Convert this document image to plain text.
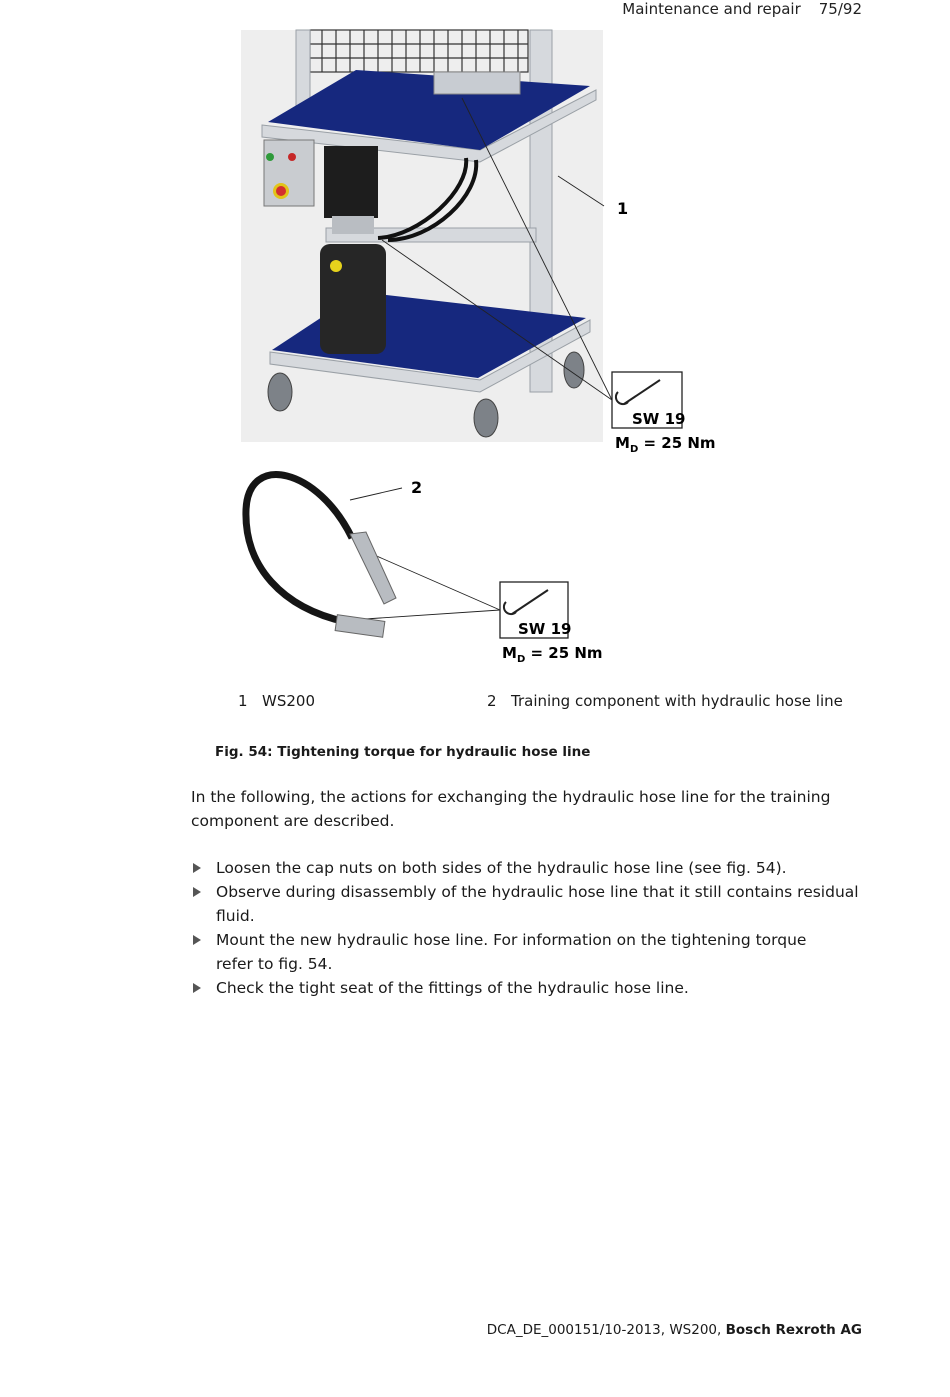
Maintenance and repair 75/92
1
2
SW 19
$M_D = 25$ Nm
SW 19
$M_D = 25$ Nm
1 WS200	2 Training component with hydraulic hose line
Fig. 54: Tightening torque for hydraulic hose line
In the following, the actions for exchanging the hydraulic hose line for the training component are described.
Loosen the cap nuts on both sides of the hydraulic hose line (see fig. 54).
Observe during disassembly of the hydraulic hose line that it still contains residual fluid.
Mount the new hydraulic hose line. For information on the tightening torque refer to fig. 54.
Check the tight seat of the fittings of the hydraulic hose line.
DCA_DE_000151/10-2013, WS200, Bosch Rexroth AG
